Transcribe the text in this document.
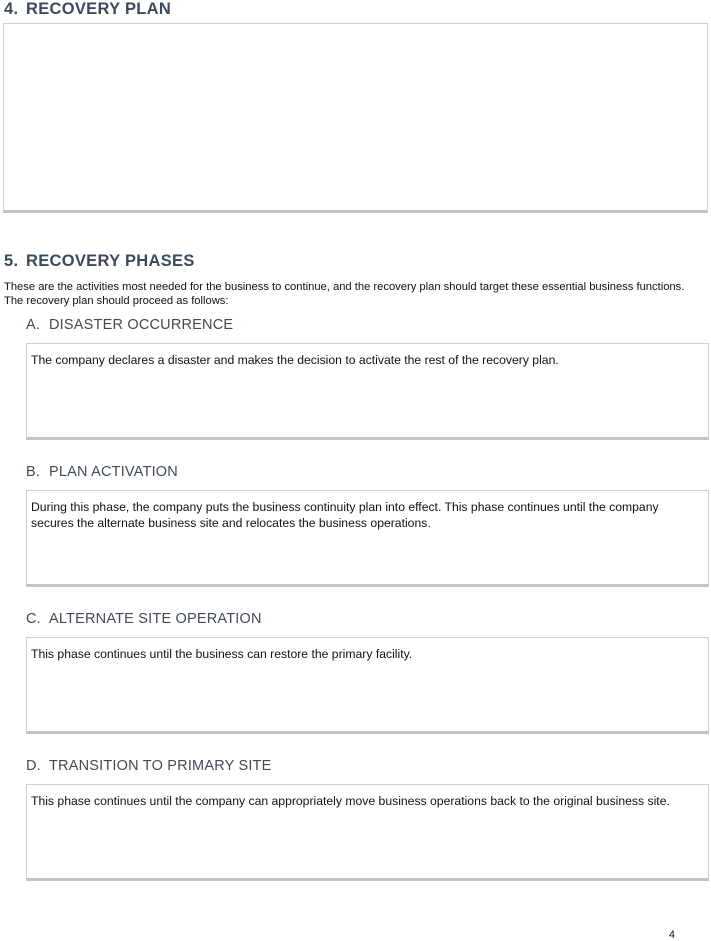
4. RECOVERY PLAN
5. RECOVERY PHASES

These are the activities most needed for the business to continue, and the recovery plan should target these essential business functions. The recovery plan should proceed as follows:

A. DISASTER OCCURRENCE
The company declares a disaster and makes the decision to activate the rest of the recovery plan.
B. PLAN ACTIVATION
During this phase, the company puts the business continuity plan into effect. This phase continues until the company secures the alternate business site and relocates the business operations.
C. ALTERNATE SITE OPERATION
This phase continues until the business can restore the primary facility.
D. TRANSITION TO PRIMARY SITE
This phase continues until the company can appropriately move business operations back to the original business site.
4
